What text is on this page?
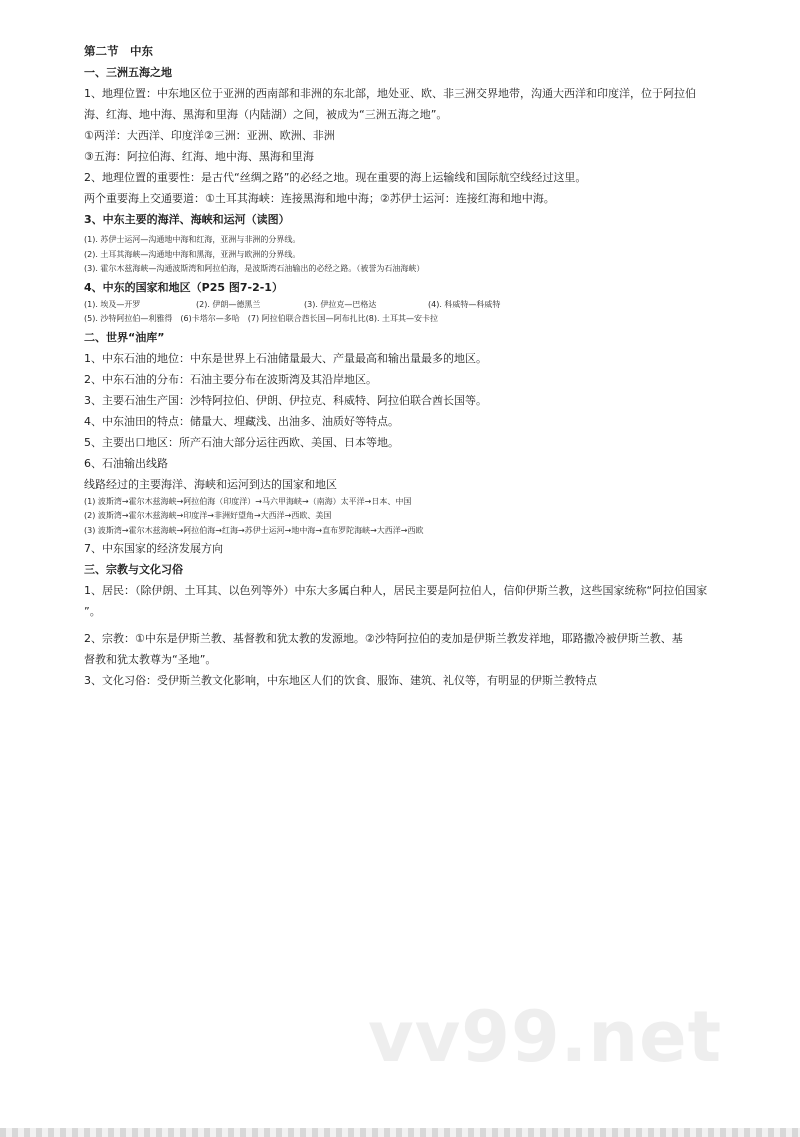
第二节　中东
一、三洲五海之地
1、地理位置：中东地区位于亚洲的西南部和非洲的东北部，地处亚、欧、非三洲交界地带，沟通大西洋和印度洋，位于阿拉伯
海、红海、地中海、黑海和里海（内陆湖）之间，被成为“三洲五海之地”。
①两洋：大西洋、印度洋②三洲：亚洲、欧洲、非洲
③五海：阿拉伯海、红海、地中海、黑海和里海
2、地理位置的重要性：是古代“丝绸之路”的必经之地。现在重要的海上运输线和国际航空线经过这里。
两个重要海上交通要道：①土耳其海峡：连接黑海和地中海；②苏伊士运河：连接红海和地中海。
3、中东主要的海洋、海峡和运河（读图）
(1). 苏伊士运河—沟通地中海和红海，亚洲与非洲的分界线。
(2). 土耳其海峡—沟通地中海和黑海，亚洲与欧洲的分界线。
(3). 霍尔木兹海峡—沟通波斯湾和阿拉伯海，是波斯湾石油输出的必经之路。（被誉为石油海峡）
4、中东的国家和地区（P25 图7-2-1）
(1). 埃及—开罗	(2). 伊朗—德黑兰	(3). 伊拉克—巴格达	(4). 科威特—科威特
(5). 沙特阿拉伯—利雅得　(6)卡塔尔—多哈　(7) 阿拉伯联合酋长国—阿布扎比(8). 土耳其—安卡拉
二、世界“油库”
1、中东石油的地位：中东是世界上石油储量最大、产量最高和输出量最多的地区。
2、中东石油的分布：石油主要分布在波斯湾及其沿岸地区。
3、主要石油生产国：沙特阿拉伯、伊朗、伊拉克、科威特、阿拉伯联合酋长国等。
4、中东油田的特点：储量大、埋藏浅、出油多、油质好等特点。
5、主要出口地区：所产石油大部分运往西欧、美国、日本等地。
6、石油输出线路
线路经过的主要海洋、海峡和运河到达的国家和地区
(1) 波斯湾→霍尔木兹海峡→阿拉伯海（印度洋）→马六甲海峡→（南海）太平洋→日本、中国
(2) 波斯湾→霍尔木兹海峡→印度洋→非洲好望角→大西洋→西欧、美国
(3) 波斯湾→霍尔木兹海峡→阿拉伯海→红海→苏伊士运河→地中海→直布罗陀海峡→大西洋→西欧
7、中东国家的经济发展方向
三、宗教与文化习俗
1、居民：（除伊朗、土耳其、以色列等外）中东大多属白种人，居民主要是阿拉伯人，信仰伊斯兰教，这些国家统称“阿拉伯国家
”。
2、宗教：①中东是伊斯兰教、基督教和犹太教的发源地。②沙特阿拉伯的麦加是伊斯兰教发祥地，耶路撒冷被伊斯兰教、基
督教和犹太教尊为“圣地”。
3、文化习俗：受伊斯兰教文化影响，中东地区人们的饮食、服饰、建筑、礼仪等，有明显的伊斯兰教特点
vv99.net
